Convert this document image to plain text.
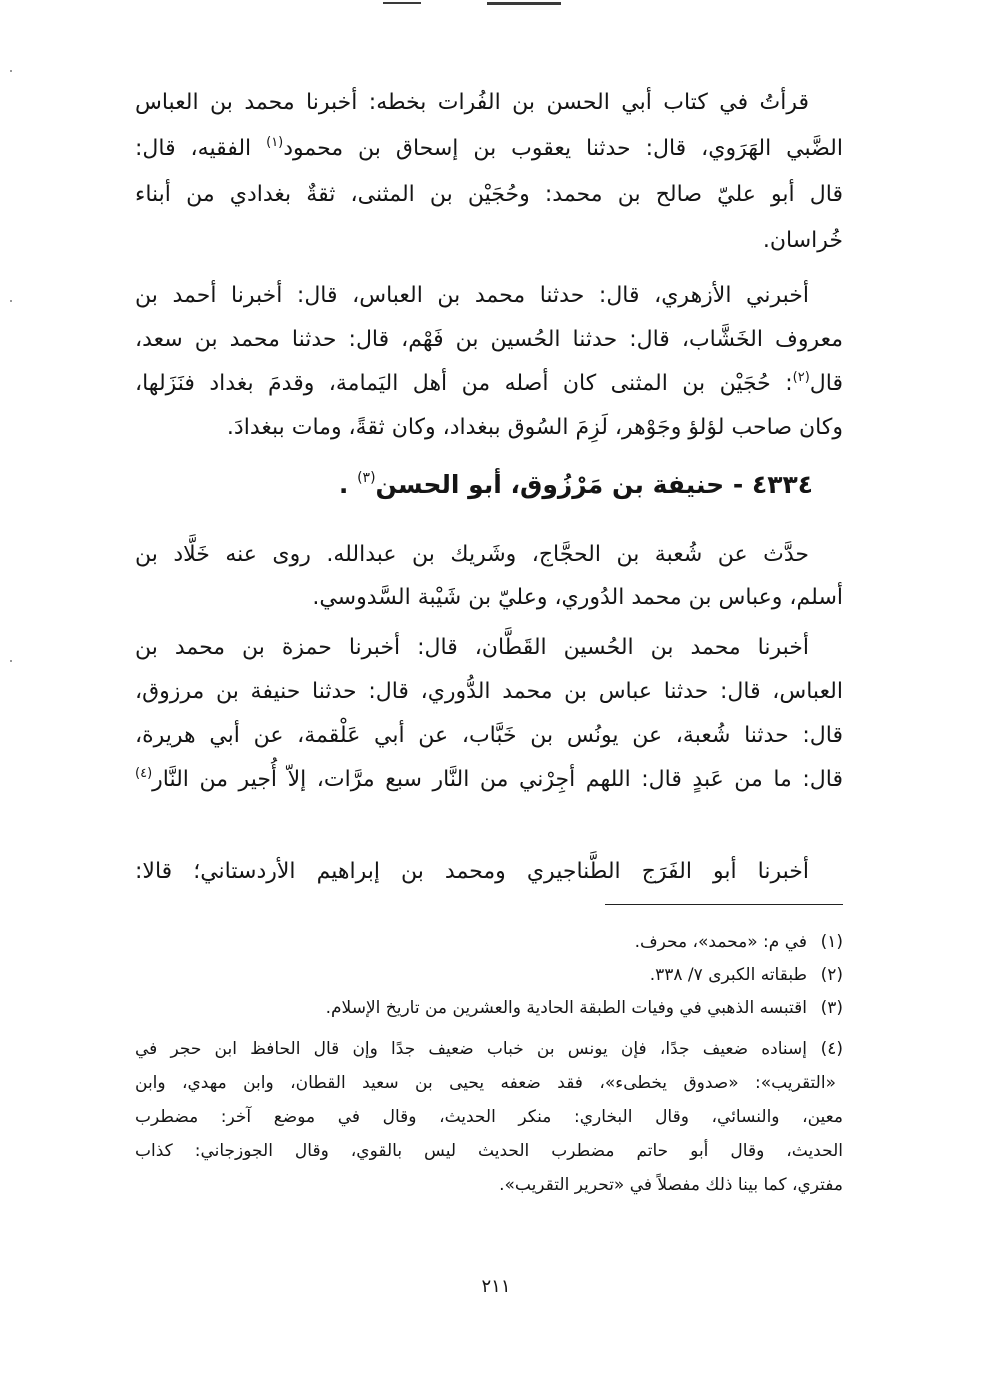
قرأتُ في كتاب أبي الحسن بن الفُرات بخطه: أخبرنا محمد بن العباس
الضَّبي الهَرَوي، قال: حدثنا يعقوب بن إسحاق بن محمود$^{(١)}$ الفقيه، قال:
قال أبو عليّ صالح بن محمد: وحُجَيْن بن المثنى، ثقةٌ بغدادي من أبناء
خُراسان.
أخبرني الأزهري، قال: حدثنا محمد بن العباس، قال: أخبرنا أحمد بن
معروف الخَشَّاب، قال: حدثنا الحُسين بن فَهْم، قال: حدثنا محمد بن سعد،
قال$^{(٢)}$: حُجَيْن بن المثنى كان أصله من أهل اليَمامة، وقدمَ بغداد فنَزَلها،
وكان صاحب لؤلؤ وجَوْهر، لَزِمَ السُوق ببغداد، وكان ثقةً، ومات ببغدادَ.
٤٣٣٤ - حنيفة بن مَرْزُوق، أبو الحسن$^{(٣)}$ .
حدَّث عن شُعبة بن الحجَّاج، وشَريك بن عبدالله. روى عنه خَلَّاد بن
أسلم، وعباس بن محمد الدُوري، وعليّ بن شَيْبة السَّدوسي.
أخبرنا محمد بن الحُسين القَطَّان، قال: أخبرنا حمزة بن محمد بن
العباس، قال: حدثنا عباس بن محمد الدُّوري، قال: حدثنا حنيفة بن مرزوق،
قال: حدثنا شُعبة، عن يونُس بن خَبَّاب، عن أبي عَلْقمة، عن أبي هريرة،
قال: ما من عَبدٍ قال: اللهم أجِرْني من النَّار سبع مرَّات، إلاّ أُجير من النَّار$^{(٤)}$
أخبرنا أبو الفَرَج الطَّناجيري ومحمد بن إبراهيم الأردستاني؛ قالا:
(١)
في م: «محمد»، محرف.
(٢)
طبقاته الكبرى ٧/ ٣٣٨.
(٣)
اقتبسه الذهبي في وفيات الطبقة الحادية والعشرين من تاريخ الإسلام.
(٤)
إسناده ضعيف جدًا، فإن يونس بن خباب ضعيف جدًا وإن قال الحافظ ابن حجر في
«التقريب»: «صدوق يخطىء»، فقد ضعفه يحيى بن سعيد القطان، وابن مهدي، وابن
معين، والنسائي، وقال البخاري: منكر الحديث، وقال في موضع آخر: مضطرب
الحديث، وقال أبو حاتم مضطرب الحديث ليس بالقوي، وقال الجوزجاني: كذاب
مفتري، كما بينا ذلك مفصلاً في «تحرير التقريب».
٢١١
